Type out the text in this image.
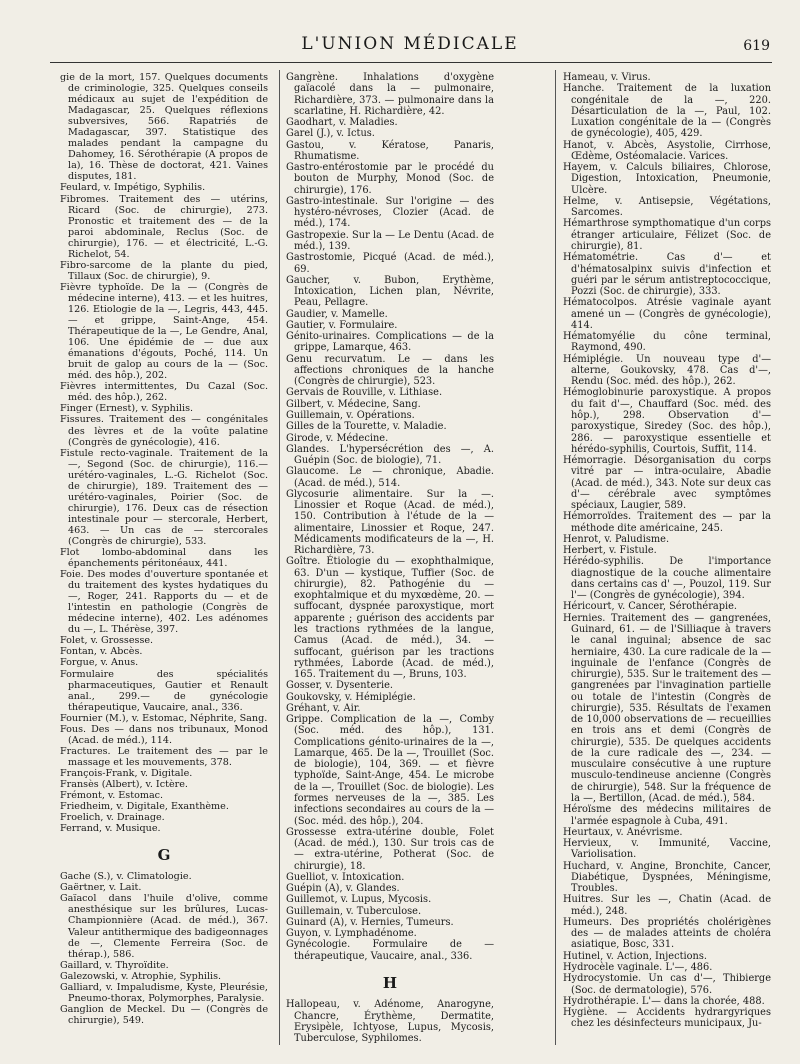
L'UNION MÉDICALE	619

gie de la mort, 157. Quelques documents de criminologie, 325. Quelques conseils médicaux au sujet de l'expédition de Madagascar, 25. Quelques réflexions subversives, 566. Rapatriés de Madagascar, 397. Statistique des malades pendant la campagne du Dahomey, 16. Sérothérapie (A propos de la), 16. Thèse de doctorat, 421. Vaines disputes, 181.

Feulard, v. Impétigo, Syphilis.

Fibromes. Traitement des — utérins, Ricard (Soc. de chirurgie), 273. Pronostic et traitement des — de la paroi abdominale, Reclus (Soc. de chirurgie), 176. — et électricité, L.-G. Richelot, 54.

Fibro-sarcome de la plante du pied, Tillaux (Soc. de chirurgie), 9.

Fièvre typhoïde. De la — (Congrès de médecine interne), 413. — et les huitres, 126. Etiologie de la —, Legris, 443, 445. — et grippe, Saint-Ange, 454. Thérapeutique de la —, Le Gendre, Anal, 106. Une épidémie de — due aux émanations d'égouts, Poché, 114. Un bruit de galop au cours de la — (Soc. méd. des hôp.), 202.

Fièvres intermittentes, Du Cazal (Soc. méd. des hôp.), 262.

Finger (Ernest), v. Syphilis.

Fissures. Traitement des — congénitales des lèvres et de la voûte palatine (Congrès de gynécologie), 416.

Fistule recto-vaginale. Traitement de la —, Segond (Soc. de chirurgie), 116.— urétéro-vaginales, L.-G. Richelot (Soc. de chirurgie), 189. Traitement des — urétéro-vaginales, Poirier (Soc. de chirurgie), 176. Deux cas de résection intestinale pour — stercorale, Herbert, 463. — Un cas de — stercorales (Congrès de chirurgie), 533.

Flot lombo-abdominal dans les épanchements péritonéaux, 441.

Foie. Des modes d'ouverture spontanée et du traitement des kystes hydatiques du —, Roger, 241. Rapports du — et de l'intestin en pathologie (Congrès de médecine interne), 402. Les adénomes du —, L. Thérèse, 397.

Folet, v. Grossesse.

Fontan, v. Abcès.

Forgue, v. Anus.

Formulaire des spécialités pharmaceutiques, Gautier et Renault anal., 299.— de gynécologie thérapeutique, Vaucaire, anal., 336.

Fournier (M.), v. Estomac, Néphrite, Sang.

Fous. Des — dans nos tribunaux, Monod (Acad. de méd.), 114.

Fractures. Le traitement des — par le massage et les mouvements, 378.

François-Frank, v. Digitale.

Fransès (Albert), v. Ictère.

Frémont, v. Estomac.

Friedheim, v. Digitale, Exanthème.

Froelich, v. Drainage.

Ferrand, v. Musique.

G

Gache (S.), v. Climatologie.

Gaërtner, v. Lait.

Gaïacol dans l'huile d'olive, comme anesthésique sur les brûlures, Lucas-Championnière (Acad. de méd.), 367. Valeur antithermique des badigeonnages de —, Clemente Ferreira (Soc. de thérap.), 586.

Gaillard, v. Thyroïdite.

Galezowski, v. Atrophie, Syphilis.

Galliard, v. Impaludisme, Kyste, Pleurésie, Pneumo-thorax, Polymorphes, Paralysie.

Ganglion de Meckel. Du — (Congrès de chirurgie), 549.

Gangrène. Inhalations d'oxygène gaïacolé dans la — pulmonaire, Richardière, 373. — pulmonaire dans la scarlatine, H. Richardière, 42.

Gaodhart, v. Maladies.

Garel (J.), v. Ictus.

Gastou, v. Kératose, Panaris, Rhumatisme.

Gastro-entérostomie par le procédé du bouton de Murphy, Monod (Soc. de chirurgie), 176.

Gastro-intestinale. Sur l'origine — des hystéro-névroses, Clozier (Acad. de méd.), 174.

Gastropexie. Sur la — Le Dentu (Acad. de méd.), 139.

Gastrostomie, Picqué (Acad. de méd.), 69.

Gaucher, v. Bubon, Erythème, Intoxication, Lichen plan, Névrite, Peau, Pellagre.

Gaudier, v. Mamelle.

Gautier, v. Formulaire.

Génito-urinaires. Complications — de la grippe, Lamarque, 463.

Genu recurvatum. Le — dans les affections chroniques de la hanche (Congrès de chirurgie), 523.

Gervais de Rouville, v. Lithiase.

Gilbert, v. Médecine, Sang.

Guillemain, v. Opérations.

Gilles de la Tourette, v. Maladie.

Girode, v. Médecine.

Glandes. L'hypersécrétion des —, A. Guépin (Soc. de biologie), 71.

Glaucome. Le — chronique, Abadie. (Acad. de méd.), 514.

Glycosurie alimentaire. Sur la —. Linossier et Roque (Acad. de méd.), 150. Contribution à l'étude de la — alimentaire, Linossier et Roque, 247. Médicaments modificateurs de la —, H. Richardière, 73.

Goître. Étiologie du — exophthalmique, 63. D'un — kystique, Tuffier (Soc. de chirurgie), 82. Pathogénie du — exophtalmique et du myxœdème, 20. — suffocant, dyspnée paroxystique, mort apparente ; guérison des accidents par les tractions rythmées de la langue, Camus (Acad. de méd.), 34. — suffocant, guérison par les tractions rythmées, Laborde (Acad. de méd.), 165. Traitement du —, Bruns, 103.

Gosser, v. Dysenterie.

Goukovsky, v. Hémiplégie.

Gréhant, v. Air.

Grippe. Complication de la —, Comby (Soc. méd. des hôp.), 131. Complications génito-urinaires de la —, Lamarque, 465. De la —, Trouillet (Soc. de biologie), 104, 369. — et fièvre typhoïde, Saint-Ange, 454. Le microbe de la —, Trouillet (Soc. de biologie). Les formes nerveuses de la —, 385. Les infections secondaires au cours de la — (Soc. méd. des hôp.), 204.

Grossesse extra-utérine double, Folet (Acad. de méd.), 130. Sur trois cas de — extra-utérine, Potherat (Soc. de chirurgie), 18.

Guelliot, v. Intoxication.

Guépin (A), v. Glandes.

Guillemot, v. Lupus, Mycosis.

Guillemain, v. Tuberculose.

Guinard (A), v. Hernies, Tumeurs.

Guyon, v. Lymphadénome.

Gynécologie. Formulaire de — thérapeutique, Vaucaire, anal., 336.

H

Hallopeau, v. Adénome, Anarogyne, Chancre, Érythème, Dermatite, Erysipèle, Ichtyose, Lupus, Mycosis, Tuberculose, Syphilomes.

Hameau, v. Virus.

Hanche. Traitement de la luxation congénitale de la —, 220. Désarticulation de la —, Paul, 102. Luxation congénitale de la — (Congrès de gynécologie), 405, 429.

Hanot, v. Abcès, Asystolie, Cirrhose, Œdème, Ostéomalacie. Varices.

Hayem, v. Calculs biliaires, Chlorose, Digestion, Intoxication, Pneumonie, Ulcère.

Helme, v. Antisepsie, Végétations, Sarcomes.

Hémarthrose sympthomatique d'un corps étranger articulaire, Félizet (Soc. de chirurgie), 81.

Hématométrie. Cas d'— et d'hématosalpinx suivis d'infection et guéri par le sérum antistreptococcique, Pozzi (Soc. de chirurgie), 333.

Hématocolpos. Atrésie vaginale ayant amené un — (Congrès de gynécologie), 414.

Hématomyélie du cône terminal, Raymond, 490.

Hémiplégie. Un nouveau type d'— alterne, Goukovsky, 478. Cas d'—, Rendu (Soc. méd. des hôp.), 262.

Hémoglobinurie paroxystique. A propos du fait d'—, Chauffard (Soc. méd. des hôp.), 298. Observation d'— paroxystique, Siredey (Soc. des hôp.), 286. — paroxystique essentielle et hérédo-syphilis, Courtois, Suffit, 114.

Hémorragie. Désorganisation du corps vitré par — intra-oculaire, Abadie (Acad. de méd.), 343. Note sur deux cas d'— cérébrale avec symptômes spéciaux, Laugier, 589.

Hémorroïdes. Traitement des — par la méthode dite américaine, 245.

Henrot, v. Paludisme.

Herbert, v. Fistule.

Hérédo-syphilis. De l'importance diagnostique de la couche alimentaire dans certains cas d' —, Pouzol, 119. Sur l'— (Congrès de gynécologie), 394.

Héricourt, v. Cancer, Sérothérapie.

Hernies. Traitement des — gangrenées, Guinard, 61. — de l'Silliaque à travers le canal inguinal; absence de sac herniaire, 430. La cure radicale de la — inguinale de l'enfance (Congrès de chirurgie), 535. Sur le traitement des — gangrenées par l'invagination partielle ou totale de l'intestin (Congrès de chirurgie), 535. Résultats de l'examen de 10,000 observations de — recueillies en trois ans et demi (Congrès de chirurgie), 535. De quelques accidents de la cure radicale des —, 234. — musculaire consécutive à une rupture musculo-tendineuse ancienne (Congrès de chirurgie), 548. Sur la fréquence de la —, Bertillon, (Acad. de méd.), 584.

Héroïsme des médecins militaires de l'armée espagnole à Cuba, 491.

Heurtaux, v. Anévrisme.

Hervieux, v. Immunité, Vaccine, Variolisation.

Huchard, v. Angine, Bronchite, Cancer, Diabétique, Dyspnées, Méningisme, Troubles.

Huitres. Sur les —, Chatin (Acad. de méd.), 248.

Humeurs. Des propriétés cholérigènes des — de malades atteints de choléra asiatique, Bosc, 331.

Hutinel, v. Action, Injections.

Hydrocèle vaginale. L'—, 486.

Hydrocystomie. Un cas d'—, Thibierge (Soc. de dermatologie), 576.

Hydrothérapie. L'— dans la chorée, 488.

Hygiène. — Accidents hydrargyriques chez les désinfecteurs municipaux, Ju-
